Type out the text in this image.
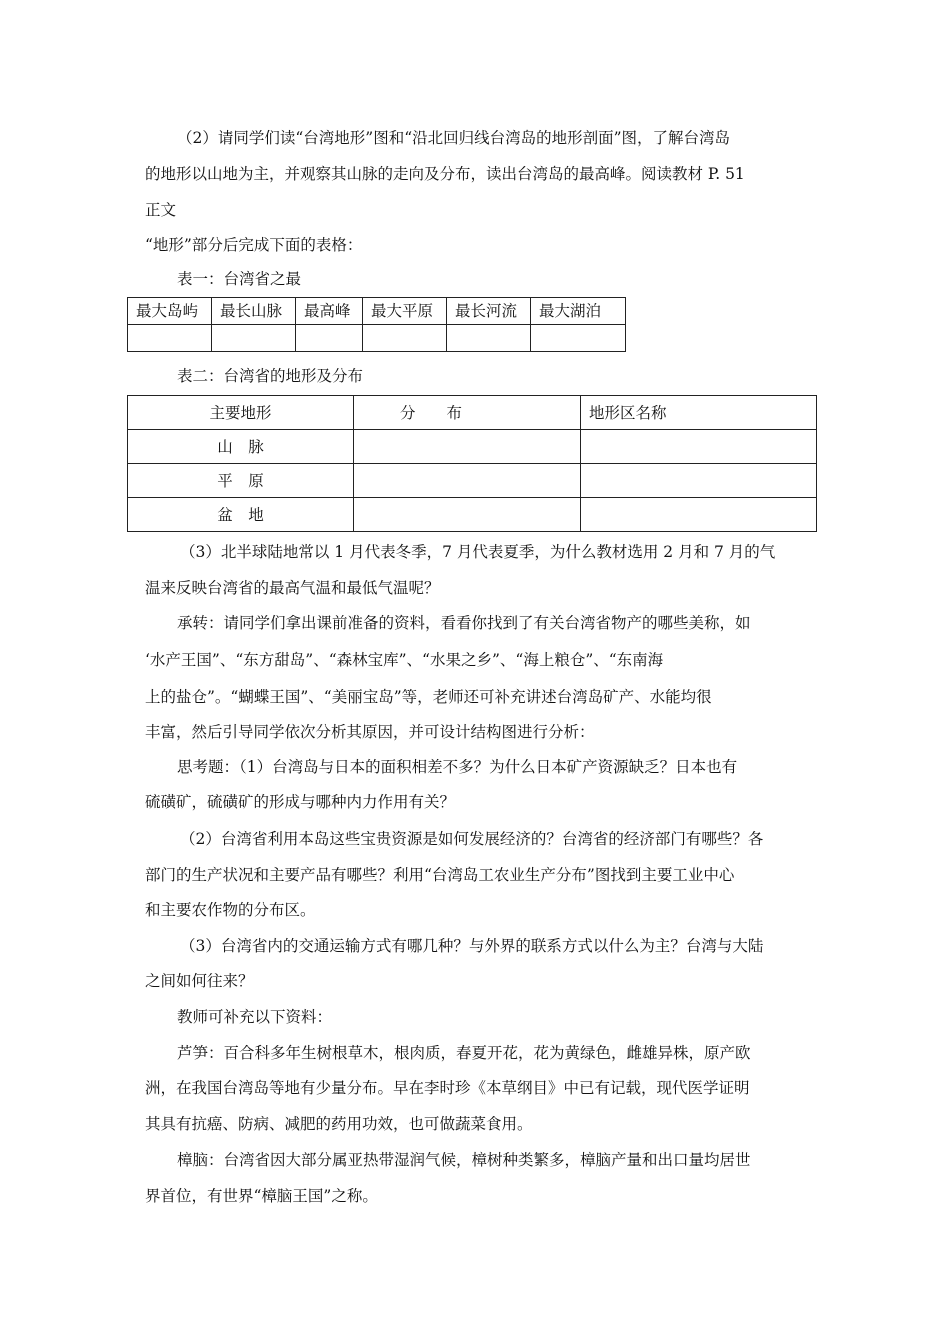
（2）请同学们读“台湾地形”图和“沿北回归线台湾岛的地形剖面”图，了解台湾岛
的地形以山地为主，并观察其山脉的走向及分布，读出台湾岛的最高峰。阅读教材 P. 51
正文
“地形”部分后完成下面的表格：
表一：台湾省之最
最大岛屿	最长山脉	最高峰	最大平原	最长河流	最大湖泊

表二：台湾省的地形及分布
主要地形	分　　布	地形区名称
山　脉		
平　原		
盆　地		
（3）北半球陆地常以 1 月代表冬季，7 月代表夏季，为什么教材选用 2 月和 7 月的气
温来反映台湾省的最高气温和最低气温呢？
承转：请同学们拿出课前准备的资料，看看你找到了有关台湾省物产的哪些美称，如
‘水产王国”、“东方甜岛”、“森林宝库”、“水果之乡”、“海上粮仓”、“东南海
上的盐仓”。“蝴蝶王国”、“美丽宝岛”等，老师还可补充讲述台湾岛矿产、水能均很
丰富，然后引导同学依次分析其原因，并可设计结构图进行分析：
思考题：（1）台湾岛与日本的面积相差不多？为什么日本矿产资源缺乏？日本也有
硫磺矿，硫磺矿的形成与哪种内力作用有关？
（2）台湾省利用本岛这些宝贵资源是如何发展经济的？台湾省的经济部门有哪些？各
部门的生产状况和主要产品有哪些？利用“台湾岛工农业生产分布”图找到主要工业中心
和主要农作物的分布区。
（3）台湾省内的交通运输方式有哪几种？与外界的联系方式以什么为主？台湾与大陆
之间如何往来？
教师可补充以下资料：
芦笋：百合科多年生树根草木，根肉质，春夏开花，花为黄绿色，雌雄异株，原产欧
洲，在我国台湾岛等地有少量分布。早在李时珍《本草纲目》中已有记载，现代医学证明
其具有抗癌、防病、减肥的药用功效，也可做蔬菜食用。
樟脑：台湾省因大部分属亚热带湿润气候，樟树种类繁多，樟脑产量和出口量均居世
界首位，有世界“樟脑王国”之称。
